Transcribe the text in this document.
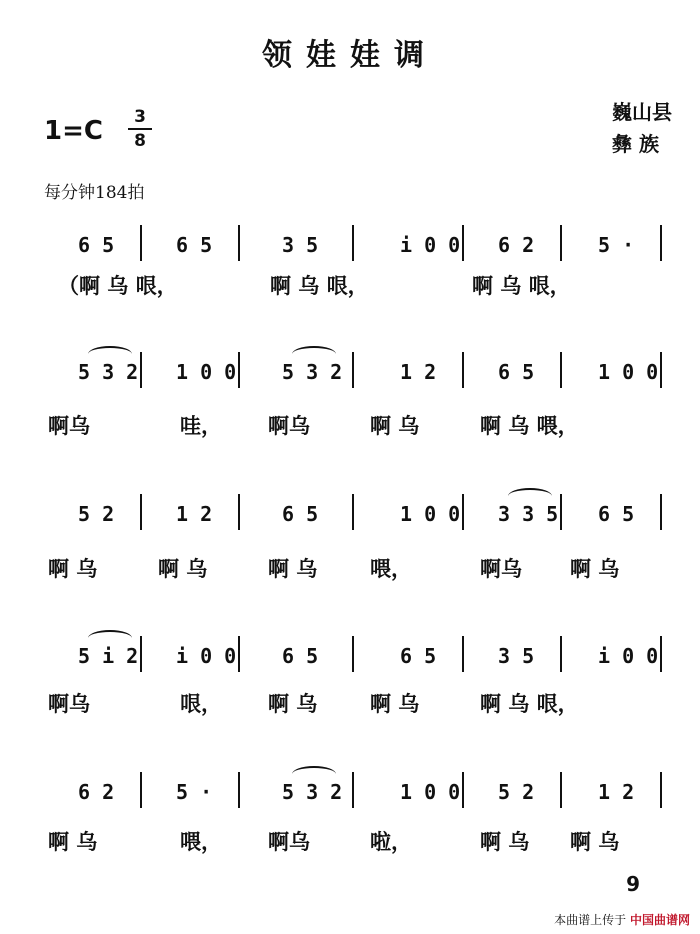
领娃娃调
1=C	3
8
巍山县
彝 族
每分钟184拍
6 5	6 5	3 5	i 0 0 6 2	5 ·
（啊 乌 哏，	啊 乌 哏，	啊 乌 哏，
5 3 2 1 0 0 5 3 2	1 2	6 5	1 0 0
啊乌	哇， 啊乌	啊 乌	啊 乌 喂，
5 2	1 2	6 5	1 0 0 3 3 5 6 5
啊 乌	啊 乌	啊 乌	喂，	啊乌 啊 乌
5 i 2 i 0 0 6 5	6 5	3 5	i 0 0
啊乌	哏， 啊 乌	啊 乌	啊 乌 哏，
6 2	5 ·	5 3 2	1 0 0 5 2	1 2
啊 乌	喂， 啊乌	啦，	啊 乌 啊 乌
9
本曲谱上传于 中国曲谱网
